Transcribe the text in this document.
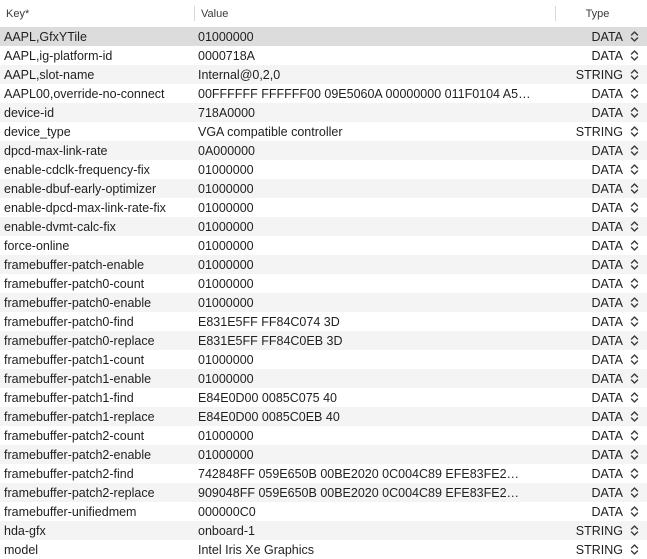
Key*	Value	Type
AAPL,GfxYTile	01000000	DATA
AAPL,ig-platform-id	0000718A	DATA
AAPL,slot-name	Internal@0,2,0	STRING
AAPL00,override-no-connect	00FFFFFF FFFFFF00 09E5060A 00000000 011F0104 A5…	DATA
device-id	718A0000	DATA
device_type	VGA compatible controller	STRING
dpcd-max-link-rate	0A000000	DATA
enable-cdclk-frequency-fix	01000000	DATA
enable-dbuf-early-optimizer	01000000	DATA
enable-dpcd-max-link-rate-fix	01000000	DATA
enable-dvmt-calc-fix	01000000	DATA
force-online	01000000	DATA
framebuffer-patch-enable	01000000	DATA
framebuffer-patch0-count	01000000	DATA
framebuffer-patch0-enable	01000000	DATA
framebuffer-patch0-find	E831E5FF FF84C074 3D	DATA
framebuffer-patch0-replace	E831E5FF FF84C0EB 3D	DATA
framebuffer-patch1-count	01000000	DATA
framebuffer-patch1-enable	01000000	DATA
framebuffer-patch1-find	E84E0D00 0085C075 40	DATA
framebuffer-patch1-replace	E84E0D00 0085C0EB 40	DATA
framebuffer-patch2-count	01000000	DATA
framebuffer-patch2-enable	01000000	DATA
framebuffer-patch2-find	742848FF 059E650B 00BE2020 0C004C89 EFE83FE2…	DATA
framebuffer-patch2-replace	909048FF 059E650B 00BE2020 0C004C89 EFE83FE2…	DATA
framebuffer-unifiedmem	000000C0	DATA
hda-gfx	onboard-1	STRING
model	Intel Iris Xe Graphics	STRING
